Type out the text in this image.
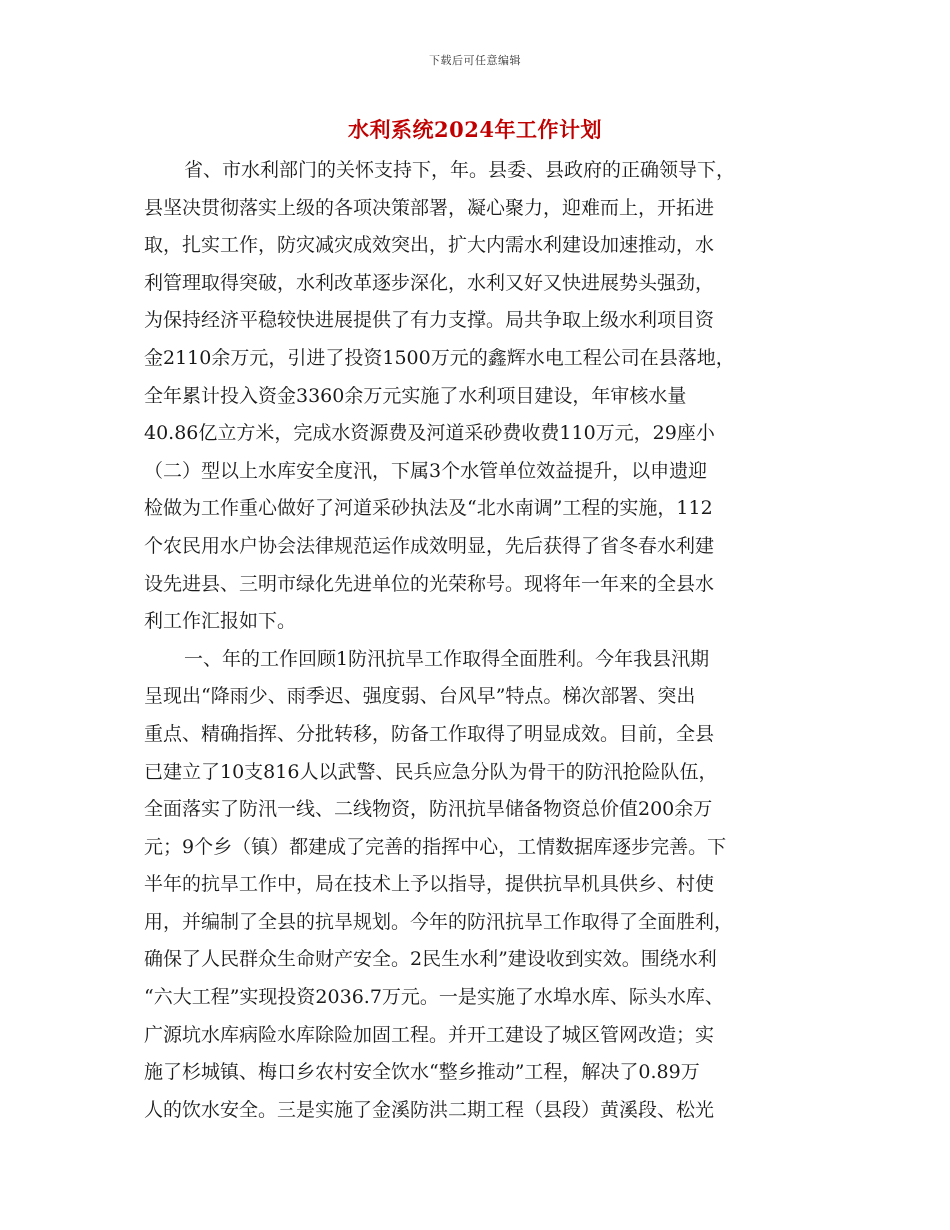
下载后可任意编辑
水利系统2024年工作计划
省、市水利部门的关怀支持下，年。县委、县政府的正确领导下，
县坚决贯彻落实上级的各项决策部署，凝心聚力，迎难而上，开拓进
取，扎实工作，防灾减灾成效突出，扩大内需水利建设加速推动，水
利管理取得突破，水利改革逐步深化，水利又好又快进展势头强劲，
为保持经济平稳较快进展提供了有力支撑。局共争取上级水利项目资
金2110余万元，引进了投资1500万元的鑫辉水电工程公司在县落地，
全年累计投入资金3360余万元实施了水利项目建设，年审核水量
40.86亿立方米，完成水资源费及河道采砂费收费110万元，29座小
（二）型以上水库安全度汛，下属3个水管单位效益提升，以申遗迎
检做为工作重心做好了河道采砂执法及“北水南调”工程的实施，112
个农民用水户协会法律规范运作成效明显，先后获得了省冬春水利建
设先进县、三明市绿化先进单位的光荣称号。现将年一年来的全县水
利工作汇报如下。
一、年的工作回顾1防汛抗旱工作取得全面胜利。今年我县汛期
呈现出“降雨少、雨季迟、强度弱、台风早”特点。梯次部署、突出
重点、精确指挥、分批转移，防备工作取得了明显成效。目前，全县
已建立了10支816人以武警、民兵应急分队为骨干的防汛抢险队伍，
全面落实了防汛一线、二线物资，防汛抗旱储备物资总价值200余万
元；9个乡（镇）都建成了完善的指挥中心，工情数据库逐步完善。下
半年的抗旱工作中，局在技术上予以指导，提供抗旱机具供乡、村使
用，并编制了全县的抗旱规划。今年的防汛抗旱工作取得了全面胜利，
确保了人民群众生命财产安全。2民生水利”建设收到实效。围绕水利
“六大工程”实现投资2036.7万元。一是实施了水埠水库、际头水库、
广源坑水库病险水库除险加固工程。并开工建设了城区管网改造；实
施了杉城镇、梅口乡农村安全饮水“整乡推动”工程，解决了0.89万
人的饮水安全。三是实施了金溪防洪二期工程（县段）黄溪段、松光
